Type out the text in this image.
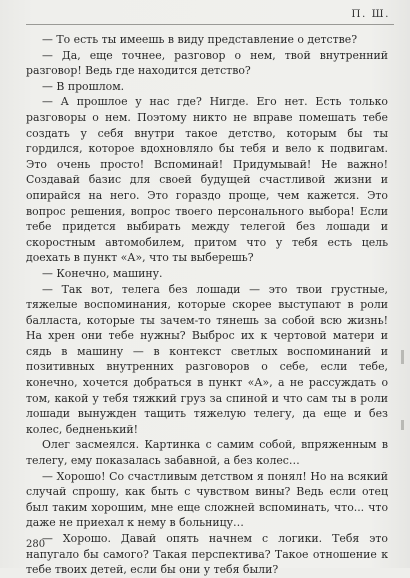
П. Ш.

— То есть ты имеешь в виду представление о детстве?

— Да, еще точнее, разговор о нем, твой внутренний разговор! Ведь где находится детство?

— В прошлом.

— А прошлое у нас где? Нигде. Его нет. Есть только разговоры о нем. Поэтому никто не вправе помешать тебе создать у себя внутри такое детство, которым бы ты гордился, которое вдохновляло бы тебя и вело к подвигам. Это очень просто! Вспоминай! Придумывай! Не важно! Создавай базис для своей будущей счастливой жизни и опирайся на него. Это гораздо проще, чем кажется. Это вопрос решения, вопрос твоего персонального выбора! Если тебе придется выбирать между телегой без лошади и скоростным автомобилем, притом что у тебя есть цель доехать в пункт «А», что ты выберешь?

— Конечно, машину.

— Так вот, телега без лошади — это твои грустные, тяжелые воспоминания, которые скорее выступают в роли балласта, которые ты зачем-то тянешь за собой всю жизнь! На хрен они тебе нужны? Выброс их к чертовой матери и сядь в машину — в контекст светлых воспоминаний и позитивных внутренних разговоров о себе, если тебе, конечно, хочется добраться в пункт «А», а не рассуждать о том, какой у тебя тяжкий груз за спиной и что сам ты в роли лошади вынужден тащить тяжелую телегу, да еще и без колес, бедненький!

Олег засмеялся. Картинка с самим собой, впряженным в телегу, ему показалась забавной, а без колес…

— Хорошо! Со счастливым детством я понял! Но на всякий случай спрошу, как быть с чувством вины? Ведь если отец был таким хорошим, мне еще сложней вспоминать, что... что даже не приехал к нему в больницу…

— Хорошо. Давай опять начнем с логики. Тебя это напугало бы самого? Такая перспектива? Такое отношение к тебе твоих детей, если бы они у тебя были?

280
